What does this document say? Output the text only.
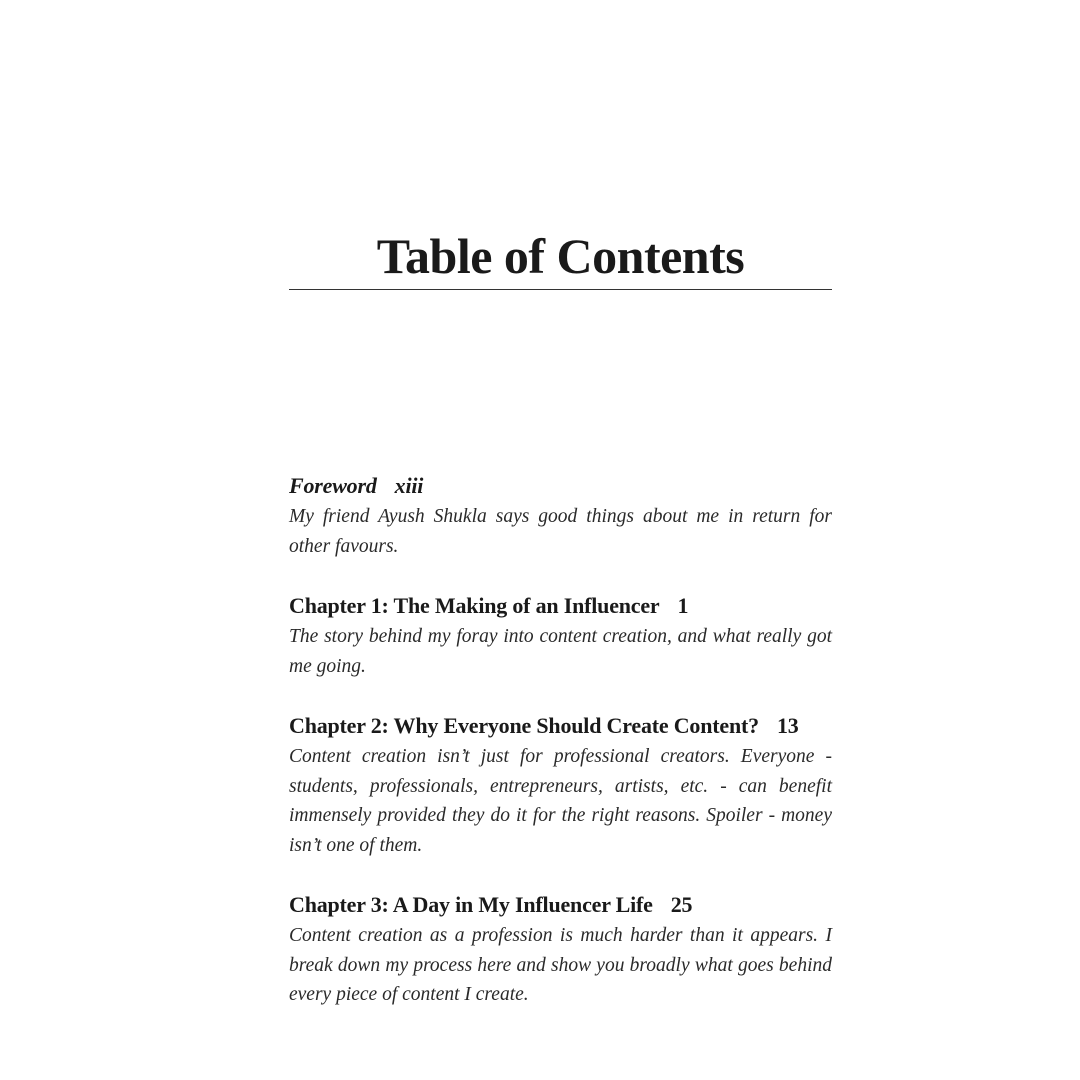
Table of Contents
Foreword xiii
My friend Ayush Shukla says good things about me in return for other favours.
Chapter 1: The Making of an Influencer 1
The story behind my foray into content creation, and what really got me going.
Chapter 2: Why Everyone Should Create Content? 13
Content creation isn’t just for professional creators. Everyone - students, professionals, entrepreneurs, artists, etc. - can benefit immensely provided they do it for the right reasons. Spoiler - money isn’t one of them.
Chapter 3: A Day in My Influencer Life 25
Content creation as a profession is much harder than it appears. I break down my process here and show you broadly what goes behind every piece of content I create.
